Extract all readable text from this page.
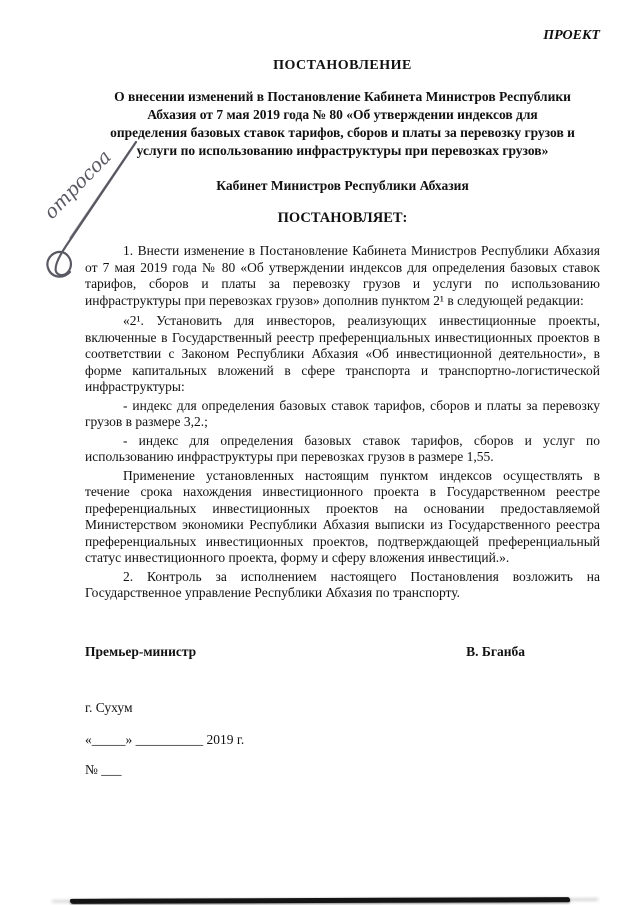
отросоа
ПРОЕКТ
ПОСТАНОВЛЕНИЕ
О внесении изменений в Постановление Кабинета Министров Республики Абхазия от 7 мая 2019 года № 80 «Об утверждении индексов для определения базовых ставок тарифов, сборов и платы за перевозку грузов и услуги по использованию инфраструктуры при перевозках грузов»
Кабинет Министров Республики Абхазия
ПОСТАНОВЛЯЕТ:

1. Внести изменение в Постановление Кабинета Министров Республики Абхазия от 7 мая 2019 года № 80 «Об утверждении индексов для определения базовых ставок тарифов, сборов и платы за перевозку грузов и услуги по использованию инфраструктуры при перевозках грузов» дополнив пунктом 2¹ в следующей редакции:

«2¹. Установить для инвесторов, реализующих инвестиционные проекты, включенные в Государственный реестр преференциальных инвестиционных проектов в соответствии с Законом Республики Абхазия «Об инвестиционной деятельности», в форме капитальных вложений в сфере транспорта и транспортно-логистической инфраструктуры:

- индекс для определения базовых ставок тарифов, сборов и платы за перевозку грузов в размере 3,2.;

- индекс для определения базовых ставок тарифов, сборов и услуг по использованию инфраструктуры при перевозках грузов в размере 1,55.

Применение установленных настоящим пунктом индексов осуществлять в течение срока нахождения инвестиционного проекта в Государственном реестре преференциальных инвестиционных проектов на основании предоставляемой Министерством экономики Республики Абхазия выписки из Государственного реестра преференциальных инвестиционных проектов, подтверждающей преференциальный статус инвестиционного проекта, форму и сферу вложения инвестиций.».

2. Контроль за исполнением настоящего Постановления возложить на Государственное управление Республики Абхазия по транспорту.

Премьер-министр	В. Бганба

г. Сухум

«_____» __________ 2019 г.

№ ___
